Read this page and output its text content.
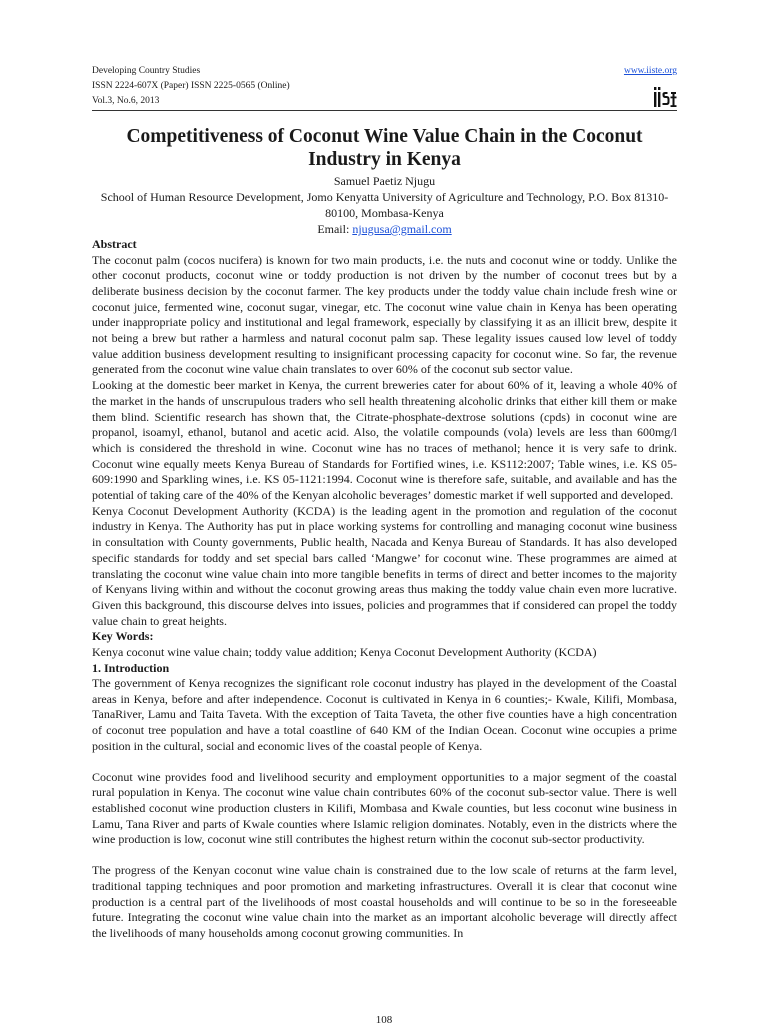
Developing Country Studies
ISSN 2224-607X (Paper) ISSN 2225-0565 (Online)
Vol.3, No.6, 2013
www.iiste.org
Competitiveness of Coconut Wine Value Chain in the Coconut Industry in Kenya
Samuel Paetiz Njugu
School of Human Resource Development, Jomo Kenyatta University of Agriculture and Technology, P.O. Box 81310-80100, Mombasa-Kenya
Email: njugusa@gmail.com
Abstract

The coconut palm (cocos nucifera) is known for two main products, i.e. the nuts and coconut wine or toddy. Unlike the other coconut products, coconut wine or toddy production is not driven by the number of coconut trees but by a deliberate business decision by the coconut farmer. The key products under the toddy value chain include fresh wine or coconut juice, fermented wine, coconut sugar, vinegar, etc. The coconut wine value chain in Kenya has been operating under inappropriate policy and institutional and legal framework, especially by classifying it as an illicit brew, despite it not being a brew but rather a harmless and natural coconut palm sap. These legality issues caused low level of toddy value addition business development resulting to insignificant processing capacity for coconut wine. So far, the revenue generated from the coconut wine value chain translates to over 60% of the coconut sub sector value.

Looking at the domestic beer market in Kenya, the current breweries cater for about 60% of it, leaving a whole 40% of the market in the hands of unscrupulous traders who sell health threatening alcoholic drinks that either kill them or make them blind. Scientific research has shown that, the Citrate-phosphate-dextrose solutions (cpds) in coconut wine are propanol, isoamyl, ethanol, butanol and acetic acid. Also, the volatile compounds (vola) levels are less than 600mg/l which is considered the threshold in wine. Coconut wine has no traces of methanol; hence it is very safe to drink. Coconut wine equally meets Kenya Bureau of Standards for Fortified wines, i.e. KS112:2007; Table wines, i.e. KS 05-609:1990 and Sparkling wines, i.e. KS 05-1121:1994. Coconut wine is therefore safe, suitable, and available and has the potential of taking care of the 40% of the Kenyan alcoholic beverages’ domestic market if well supported and developed.

Kenya Coconut Development Authority (KCDA) is the leading agent in the promotion and regulation of the coconut industry in Kenya. The Authority has put in place working systems for controlling and managing coconut wine business in consultation with County governments, Public health, Nacada and Kenya Bureau of Standards. It has also developed specific standards for toddy and set special bars called ‘Mangwe’ for coconut wine. These programmes are aimed at translating the coconut wine value chain into more tangible benefits in terms of direct and better incomes to the majority of Kenyans living within and without the coconut growing areas thus making the toddy value chain even more lucrative. Given this background, this discourse delves into issues, policies and programmes that if considered can propel the toddy value chain to great heights.

Key Words:

Kenya coconut wine value chain; toddy value addition; Kenya Coconut Development Authority (KCDA)

1. Introduction

The government of Kenya recognizes the significant role coconut industry has played in the development of the Coastal areas in Kenya, before and after independence. Coconut is cultivated in Kenya in 6 counties;- Kwale, Kilifi, Mombasa, TanaRiver, Lamu and Taita Taveta. With the exception of Taita Taveta, the other five counties have a high concentration of coconut tree population and have a total coastline of 640 KM of the Indian Ocean. Coconut wine occupies a prime position in the cultural, social and economic lives of the coastal people of Kenya.

Coconut wine provides food and livelihood security and employment opportunities to a major segment of the coastal rural population in Kenya. The coconut wine value chain contributes 60% of the coconut sub-sector value. There is well established coconut wine production clusters in Kilifi, Mombasa and Kwale counties, but less coconut wine business in Lamu, Tana River and parts of Kwale counties where Islamic religion dominates. Notably, even in the districts where the wine production is low, coconut wine still contributes the highest return within the coconut sub-sector productivity.

The progress of the Kenyan coconut wine value chain is constrained due to the low scale of returns at the farm level, traditional tapping techniques and poor promotion and marketing infrastructures. Overall it is clear that coconut wine production is a central part of the livelihoods of most coastal households and will continue to be so in the foreseeable future. Integrating the coconut wine value chain into the market as an important alcoholic beverage will directly affect the livelihoods of many households among coconut growing communities. In

108
